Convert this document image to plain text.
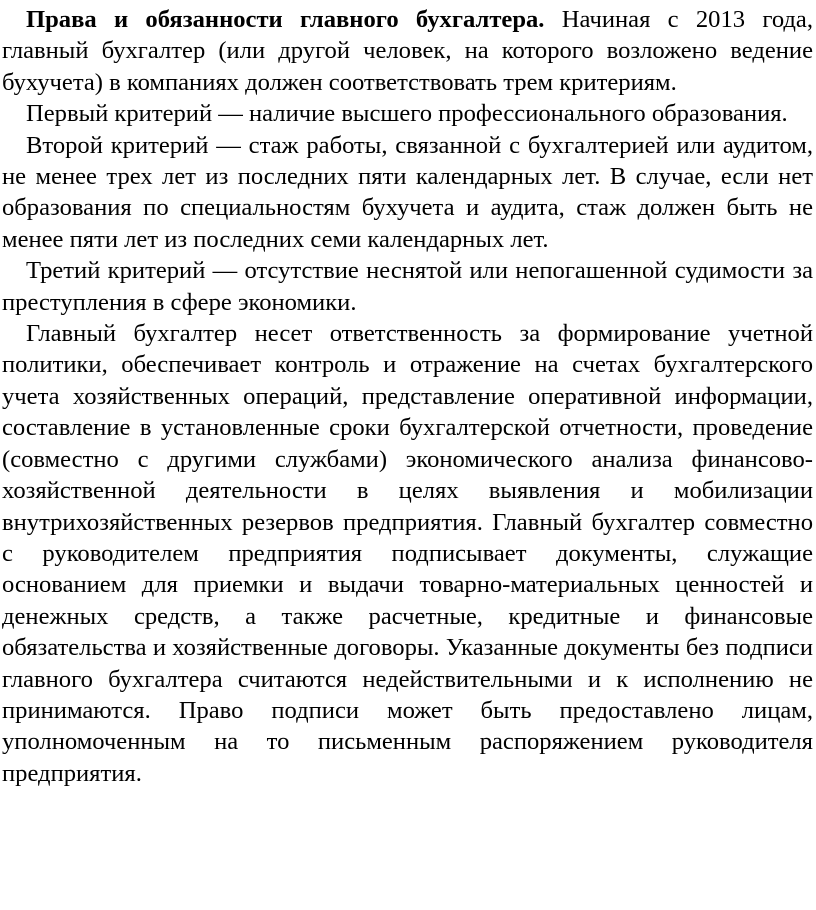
Права и обязанности главного бухгалтера. Начиная с 2013 года, главный бухгалтер (или другой человек, на которого возложено ведение бухучета) в компаниях должен соответствовать трем критериям.

Первый критерий — наличие высшего профессионального образования.

Второй критерий — стаж работы, связанной с бухгалтерией или аудитом, не менее трех лет из последних пяти календарных лет. В случае, если нет образования по специальностям бухучета и аудита, стаж должен быть не менее пяти лет из последних семи календарных лет.

Третий критерий — отсутствие неснятой или непогашенной судимости за преступления в сфере экономики.

Главный бухгалтер несет ответственность за формирование учетной политики, обеспечивает контроль и отражение на счетах бухгалтерского учета хозяйственных операций, представление оперативной информации, составление в установленные сроки бухгалтерской отчетности, проведение (совместно с другими службами) экономического анализа финансово-хозяйственной деятельности в целях выявления и мобилизации внутрихозяйственных резервов предприятия. Главный бухгалтер совместно с руководителем предприятия подписывает документы, служащие основанием для приемки и выдачи товарно-материальных ценностей и денежных средств, а также расчетные, кредитные и финансовые обязательства и хозяйственные договоры. Указанные документы без подписи главного бухгалтера считаются недействительными и к исполнению не принимаются. Право подписи может быть предоставлено лицам, уполномоченным на то письменным распоряжением руководителя предприятия.
